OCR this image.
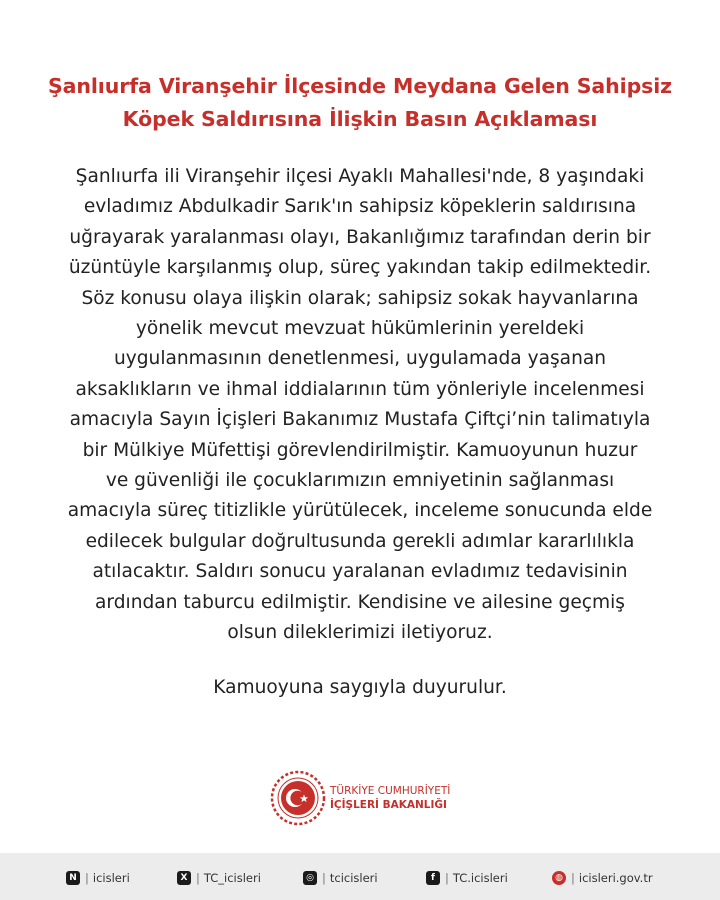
Şanlıurfa Viranşehir İlçesinde Meydana Gelen Sahipsiz
Köpek Saldırısına İlişkin Basın Açıklaması
Şanlıurfa ili Viranşehir ilçesi Ayaklı Mahallesi'nde, 8 yaşındaki
evladımız Abdulkadir Sarık'ın sahipsiz köpeklerin saldırısına
uğrayarak yaralanması olayı, Bakanlığımız tarafından derin bir
üzüntüyle karşılanmış olup, süreç yakından takip edilmektedir.
Söz konusu olaya ilişkin olarak; sahipsiz sokak hayvanlarına
yönelik mevcut mevzuat hükümlerinin yereldeki
uygulanmasının denetlenmesi, uygulamada yaşanan
aksaklıkların ve ihmal iddialarının tüm yönleriyle incelenmesi
amacıyla Sayın İçişleri Bakanımız Mustafa Çiftçi’nin talimatıyla
bir Mülkiye Müfettişi görevlendirilmiştir. Kamuoyunun huzur
ve güvenliği ile çocuklarımızın emniyetinin sağlanması
amacıyla süreç titizlikle yürütülecek, inceleme sonucunda elde
edilecek bulgular doğrultusunda gerekli adımlar kararlılıkla
atılacaktır. Saldırı sonucu yaralanan evladımız tedavisinin
ardından taburcu edilmiştir. Kendisine ve ailesine geçmiş
olsun dileklerimizi iletiyoruz.
Kamuoyuna saygıyla duyurulur.
TÜRKİYE CUMHURİYETİ
İÇİŞLERİ BAKANLIĞI
N | icisleri	X | TC_icisleri	◎ | tcicisleri	f | TC.icisleri	◍ | icisleri.gov.tr
